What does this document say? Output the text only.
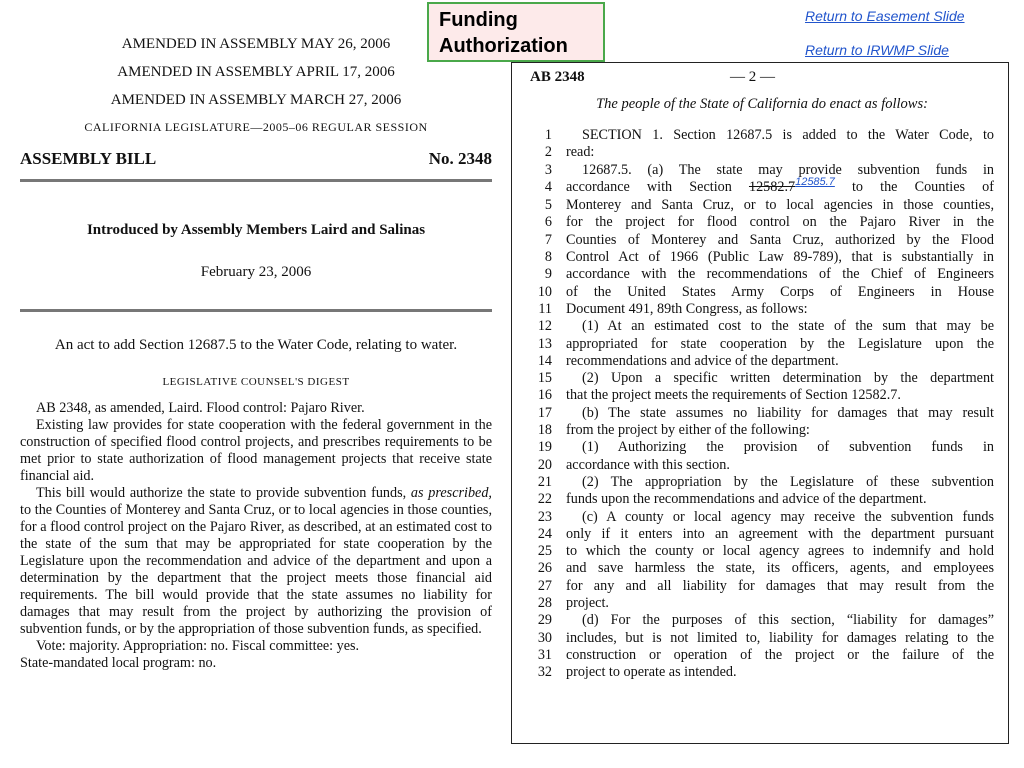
Funding
Authorization
Return to Easement Slide
Return to IRWMP Slide

AMENDED IN ASSEMBLY MAY 26, 2006

AMENDED IN ASSEMBLY APRIL 17, 2006

AMENDED IN ASSEMBLY MARCH 27, 2006

CALIFORNIA LEGISLATURE—2005–06 REGULAR SESSION
ASSEMBLY BILL	No. 2348
Introduced by Assembly Members Laird and Salinas
February 23, 2006
An act to add Section 12687.5 to the Water Code, relating to water.
LEGISLATIVE COUNSEL'S DIGEST

AB 2348, as amended, Laird. Flood control: Pajaro River.

Existing law provides for state cooperation with the federal government in the construction of specified flood control projects, and prescribes requirements to be met prior to state authorization of flood management projects that receive state financial aid.

This bill would authorize the state to provide subvention funds, as prescribed, to the Counties of Monterey and Santa Cruz, or to local agencies in those counties, for a flood control project on the Pajaro River, as described, at an estimated cost to the state of the sum that may be appropriated for state cooperation by the Legislature upon the recommendation and advice of the department and upon a determination by the department that the project meets those financial aid requirements. The bill would provide that the state assumes no liability for damages that may result from the project by authorizing the provision of subvention funds, or by the appropriation of those subvention funds, as specified.

Vote: majority. Appropriation: no. Fiscal committee: yes.

State-mandated local program: no.

AB 2348	— 2 —
The people of the State of California do enact as follows:
1	SECTION 1. Section 12687.5 is added to the Water Code, to
2 read:
3	12687.5. (a) The state may provide subvention funds in
4 accordance with Section $12582.7^{12585.7}$ to the Counties of
5 Monterey and Santa Cruz, or to local agencies in those counties,
6 for the project for flood control on the Pajaro River in the
7 Counties of Monterey and Santa Cruz, authorized by the Flood
8 Control Act of 1966 (Public Law 89-789), that is substantially in
9 accordance with the recommendations of the Chief of Engineers
10 of the United States Army Corps of Engineers in House
11 Document 491, 89th Congress, as follows:
12	(1) At an estimated cost to the state of the sum that may be
13 appropriated for state cooperation by the Legislature upon the
14 recommendations and advice of the department.
15	(2) Upon a specific written determination by the department
16 that the project meets the requirements of Section 12582.7.
17	(b) The state assumes no liability for damages that may result
18 from the project by either of the following:
19	(1) Authorizing the provision of subvention funds in
20 accordance with this section.
21	(2) The appropriation by the Legislature of these subvention
22 funds upon the recommendations and advice of the department.
23	(c) A county or local agency may receive the subvention funds
24 only if it enters into an agreement with the department pursuant
25 to which the county or local agency agrees to indemnify and hold
26 and save harmless the state, its officers, agents, and employees
27 for any and all liability for damages that may result from the
28 project.
29	(d) For the purposes of this section, “liability for damages”
30 includes, but is not limited to, liability for damages relating to the
31 construction or operation of the project or the failure of the
32 project to operate as intended.
